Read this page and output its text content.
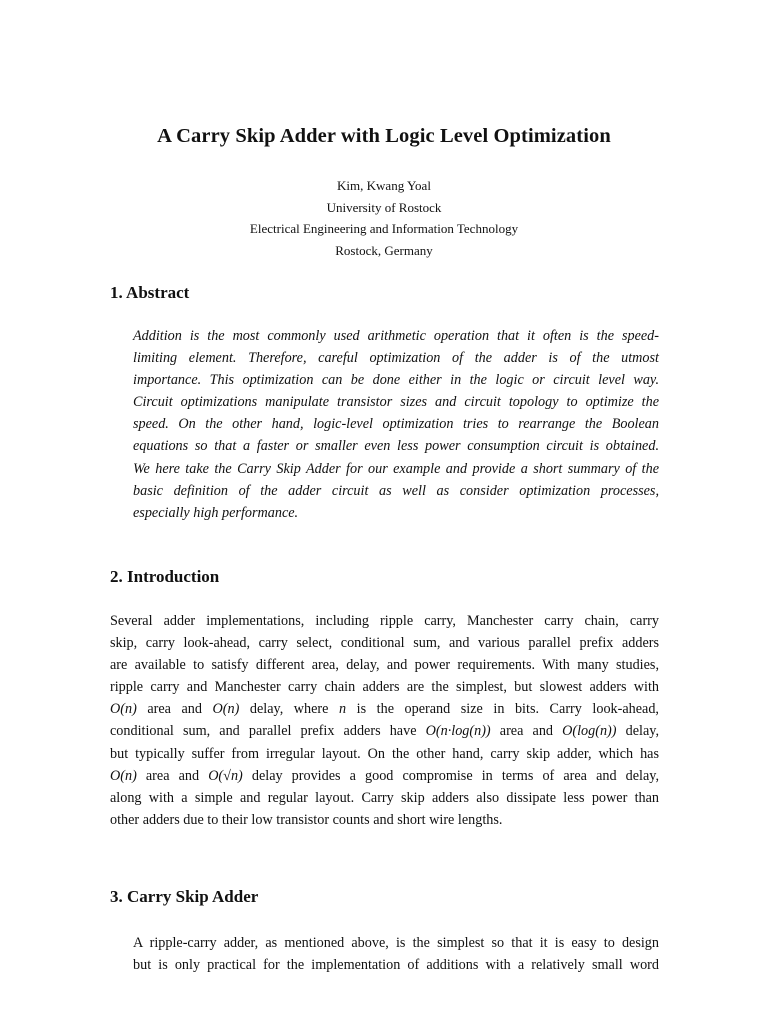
A Carry Skip Adder with Logic Level Optimization
Kim, Kwang Yoal
University of Rostock
Electrical Engineering and Information Technology
Rostock, Germany
1. Abstract
Addition is the most commonly used arithmetic operation that it often is the speed-
limiting element. Therefore, careful optimization of the adder is of the utmost
importance. This optimization can be done either in the logic or circuit level way.
Circuit optimizations manipulate transistor sizes and circuit topology to optimize the
speed. On the other hand, logic-level optimization tries to rearrange the Boolean
equations so that a faster or smaller even less power consumption circuit is obtained.
We here take the Carry Skip Adder for our example and provide a short summary of the
basic definition of the adder circuit as well as consider optimization processes,
especially high performance.
2. Introduction
Several adder implementations, including ripple carry, Manchester carry chain, carry
skip, carry look-ahead, carry select, conditional sum, and various parallel prefix adders
are available to satisfy different area, delay, and power requirements. With many studies,
ripple carry and Manchester carry chain adders are the simplest, but slowest adders with
O(n) area and O(n) delay, where n is the operand size in bits. Carry look-ahead,
conditional sum, and parallel prefix adders have O(n·log(n)) area and O(log(n)) delay,
but typically suffer from irregular layout. On the other hand, carry skip adder, which has
O(n) area and O(√n) delay provides a good compromise in terms of area and delay,
along with a simple and regular layout. Carry skip adders also dissipate less power than
other adders due to their low transistor counts and short wire lengths.
3. Carry Skip Adder
A ripple-carry adder, as mentioned above, is the simplest so that it is easy to design
but is only practical for the implementation of additions with a relatively small word
